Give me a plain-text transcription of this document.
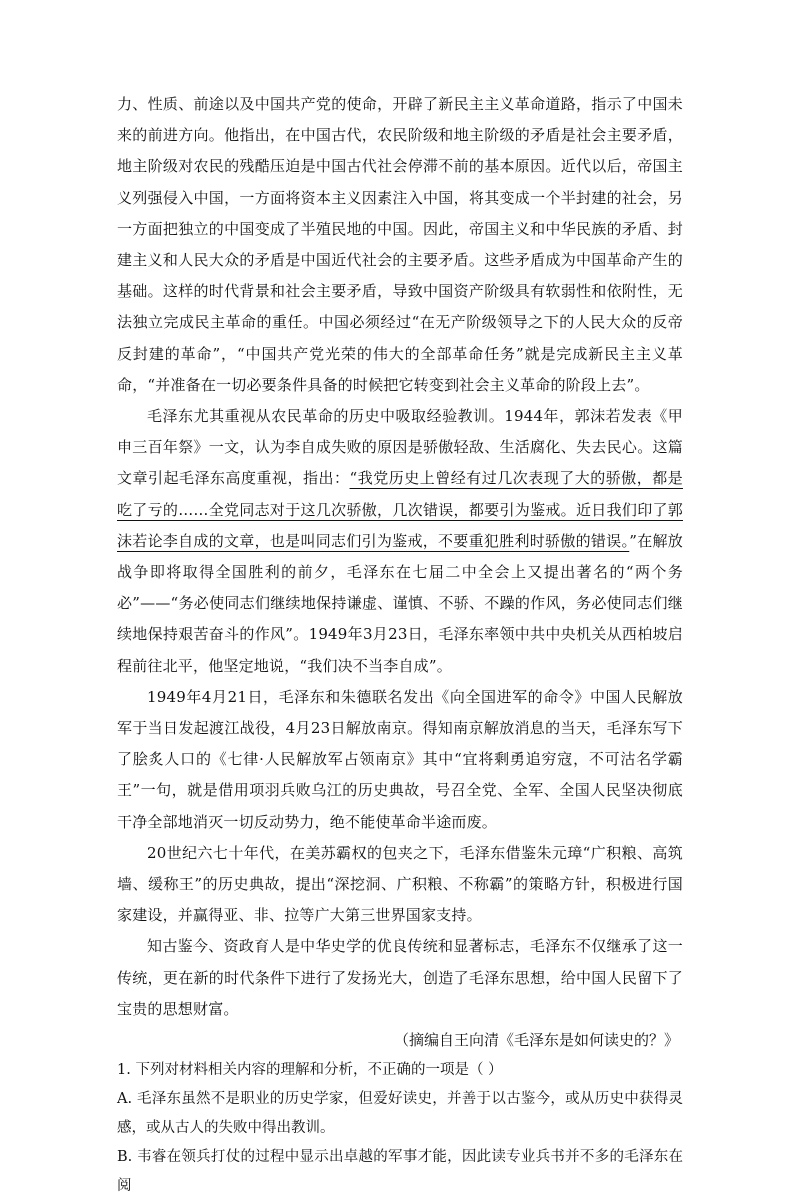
力、性质、前途以及中国共产党的使命，开辟了新民主主义革命道路，指示了中国未来的前进方向。他指出，在中国古代，农民阶级和地主阶级的矛盾是社会主要矛盾，地主阶级对农民的残酷压迫是中国古代社会停滞不前的基本原因。近代以后，帝国主义列强侵入中国，一方面将资本主义因素注入中国，将其变成一个半封建的社会，另一方面把独立的中国变成了半殖民地的中国。因此，帝国主义和中华民族的矛盾、封建主义和人民大众的矛盾是中国近代社会的主要矛盾。这些矛盾成为中国革命产生的基础。这样的时代背景和社会主要矛盾，导致中国资产阶级具有软弱性和依附性，无法独立完成民主革命的重任。中国必须经过“在无产阶级领导之下的人民大众的反帝反封建的革命”，“中国共产党光荣的伟大的全部革命任务”就是完成新民主主义革命，“并准备在一切必要条件具备的时候把它转变到社会主义革命的阶段上去”。

毛泽东尤其重视从农民革命的历史中吸取经验教训。1944年，郭沫若发表《甲申三百年祭》一文，认为李自成失败的原因是骄傲轻敌、生活腐化、失去民心。这篇文章引起毛泽东高度重视，指出：“我党历史上曾经有过几次表现了大的骄傲，都是吃了亏的……全党同志对于这几次骄傲，几次错误，都要引为鉴戒。近日我们印了郭沫若论李自成的文章，也是叫同志们引为鉴戒，不要重犯胜利时骄傲的错误。”在解放战争即将取得全国胜利的前夕，毛泽东在七届二中全会上又提出著名的“两个务必”——“务必使同志们继续地保持谦虚、谨慎、不骄、不躁的作风，务必使同志们继续地保持艰苦奋斗的作风”。1949年3月23日，毛泽东率领中共中央机关从西柏坡启程前往北平，他坚定地说，“我们决不当李自成”。

1949年4月21日，毛泽东和朱德联名发出《向全国进军的命令》中国人民解放军于当日发起渡江战役，4月23日解放南京。得知南京解放消息的当天，毛泽东写下了脍炙人口的《七律·人民解放军占领南京》其中“宜将剩勇追穷寇，不可沽名学霸王”一句，就是借用项羽兵败乌江的历史典故，号召全党、全军、全国人民坚决彻底干净全部地消灭一切反动势力，绝不能使革命半途而废。

20世纪六七十年代，在美苏霸权的包夹之下，毛泽东借鉴朱元璋“广积粮、高筑墙、缓称王”的历史典故，提出“深挖洞、广积粮、不称霸”的策略方针，积极进行国家建设，并赢得亚、非、拉等广大第三世界国家支持。

知古鉴今、资政育人是中华史学的优良传统和显著标志，毛泽东不仅继承了这一传统，更在新的时代条件下进行了发扬光大，创造了毛泽东思想，给中国人民留下了宝贵的思想财富。

（摘编自王向清《毛泽东是如何读史的？》

1. 下列对材料相关内容的理解和分析，不正确的一项是（ ）

A. 毛泽东虽然不是职业的历史学家，但爱好读史，并善于以古鉴今，或从历史中获得灵感，或从古人的失败中得出教训。

B. 韦睿在领兵打仗的过程中显示出卓越的军事才能，因此读专业兵书并不多的毛泽东在阅
